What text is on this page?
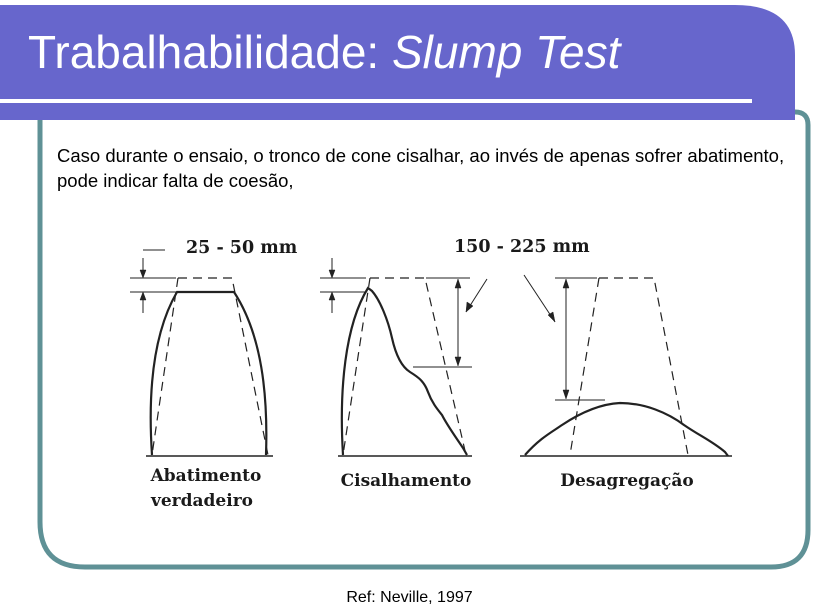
Trabalhabilidade: Slump Test
Caso durante o ensaio, o tronco de cone cisalhar, ao invés de apenas sofrer abatimento, pode indicar falta de coesão,
25 - 50 mm	150 - 225 mm
Abatimento
verdadeiro
Cisalhamento	Desagregação
Ref: Neville, 1997
